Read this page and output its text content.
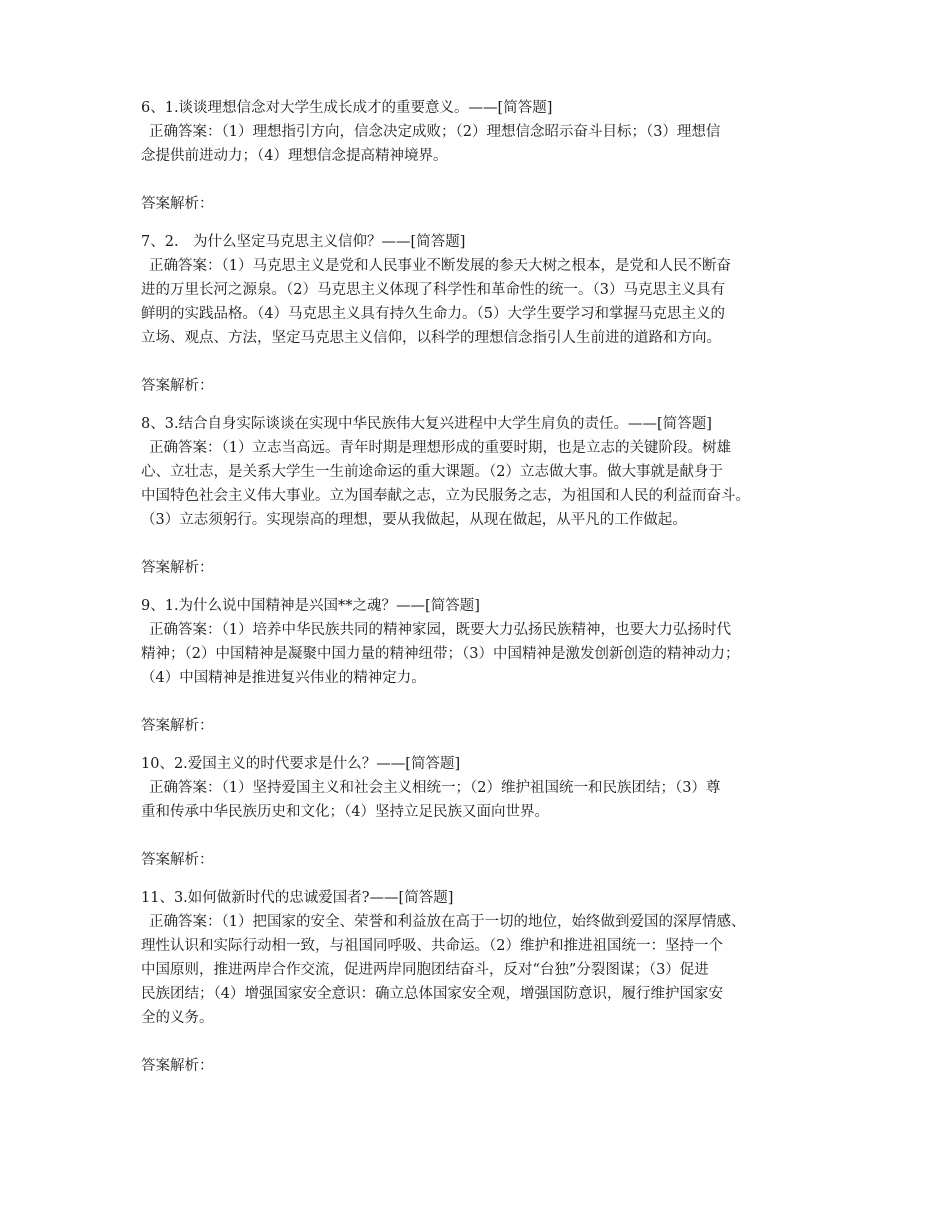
6、1.谈谈理想信念对大学生成长成才的重要意义。——[简答题]
正确答案：（1）理想指引方向，信念决定成败；（2）理想信念昭示奋斗目标；（3）理想信
念提供前进动力；（4）理想信念提高精神境界。
答案解析：
7、2.　为什么坚定马克思主义信仰？——[简答题]
正确答案：（1）马克思主义是党和人民事业不断发展的参天大树之根本，是党和人民不断奋
进的万里长河之源泉。（2）马克思主义体现了科学性和革命性的统一。（3）马克思主义具有
鲜明的实践品格。（4）马克思主义具有持久生命力。（5）大学生要学习和掌握马克思主义的
立场、观点、方法，坚定马克思主义信仰，以科学的理想信念指引人生前进的道路和方向。
答案解析：
8、3.结合自身实际谈谈在实现中华民族伟大复兴进程中大学生肩负的责任。——[简答题]
正确答案：（1）立志当高远。青年时期是理想形成的重要时期，也是立志的关键阶段。树雄
心、立壮志，是关系大学生一生前途命运的重大课题。（2）立志做大事。做大事就是献身于
中国特色社会主义伟大事业。立为国奉献之志，立为民服务之志，为祖国和人民的利益而奋斗。
（3）立志须躬行。实现崇高的理想，要从我做起，从现在做起，从平凡的工作做起。
答案解析：
9、1.为什么说中国精神是兴国**之魂？——[简答题]
正确答案：（1）培养中华民族共同的精神家园，既要大力弘扬民族精神，也要大力弘扬时代
精神；（2）中国精神是凝聚中国力量的精神纽带；（3）中国精神是激发创新创造的精神动力；
（4）中国精神是推进复兴伟业的精神定力。
答案解析：
10、2.爱国主义的时代要求是什么？——[简答题]
正确答案：（1）坚持爱国主义和社会主义相统一；（2）维护祖国统一和民族团结；（3）尊
重和传承中华民族历史和文化；（4）坚持立足民族又面向世界。
答案解析：
11、3.如何做新时代的忠诚爱国者?——[简答题]
正确答案：（1）把国家的安全、荣誉和利益放在高于一切的地位，始终做到爱国的深厚情感、
理性认识和实际行动相一致，与祖国同呼吸、共命运。（2）维护和推进祖国统一：坚持一个
中国原则，推进两岸合作交流，促进两岸同胞团结奋斗，反对“台独”分裂图谋；（3）促进
民族团结；（4）增强国家安全意识：确立总体国家安全观，增强国防意识，履行维护国家安
全的义务。
答案解析：
